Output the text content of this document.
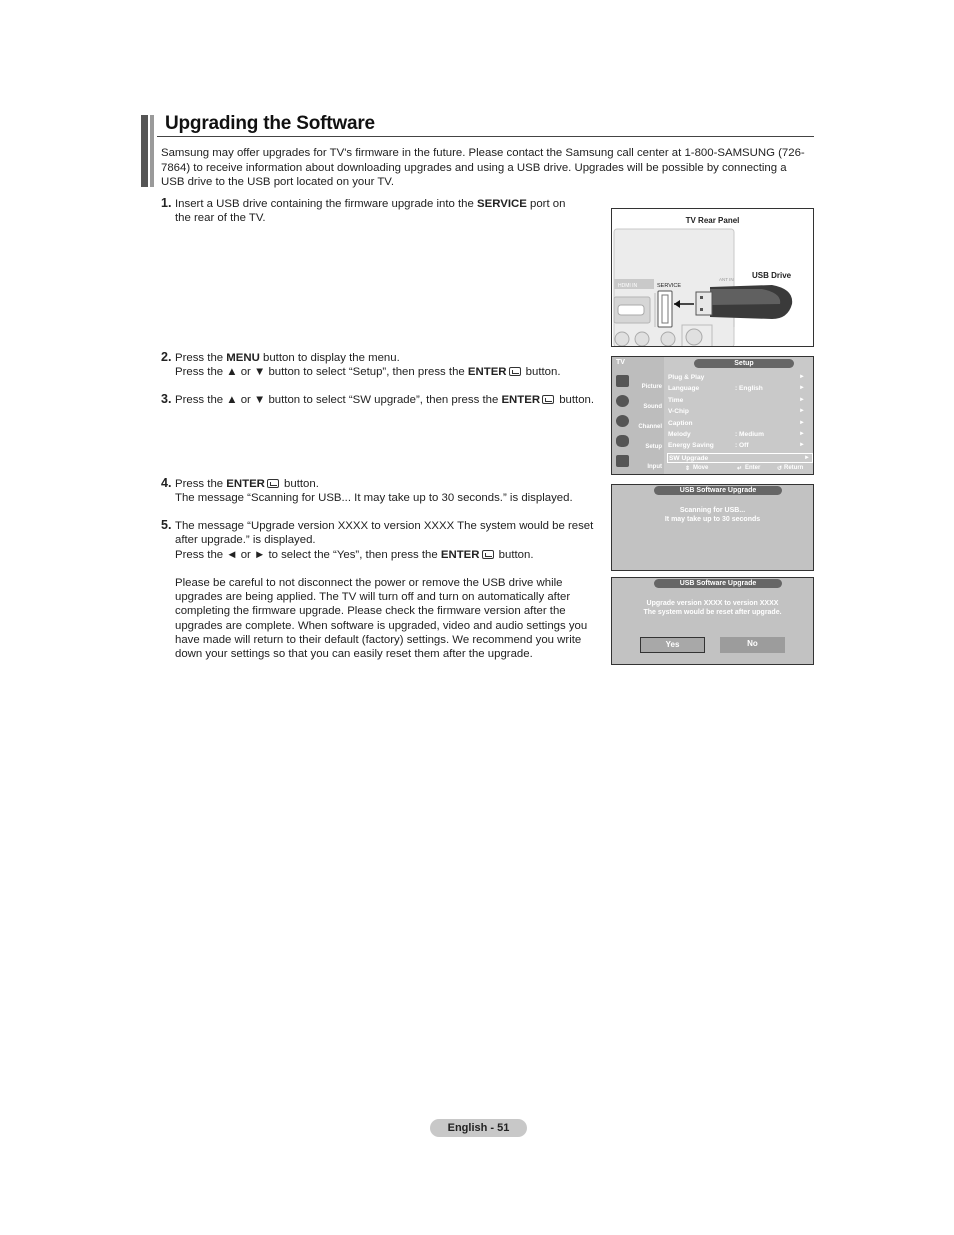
Upgrading the Software
Samsung may offer upgrades for TV's firmware in the future. Please contact the Samsung call center at 1-800-SAMSUNG (726-7864) to receive information about downloading upgrades and using a USB drive. Upgrades will be possible by connecting a USB drive to the USB port located on your TV.
1. Insert a USB drive containing the firmware upgrade into the SERVICE port on
the rear of the TV.
2. Press the MENU button to display the menu.
Press the ▲ or ▼ button to select “Setup”, then press the ENTER button.
3. Press the ▲ or ▼ button to select “SW upgrade”, then press the ENTER button.
4. Press the ENTER button.
The message “Scanning for USB... It may take up to 30 seconds.” is displayed.
5. The message “Upgrade version XXXX to version XXXX The system would be reset
after upgrade.” is displayed.
Press the ◄ or ► to select the “Yes”, then press the ENTER button.
Please be careful to not disconnect the power or remove the USB drive while
upgrades are being applied. The TV will turn off and turn on automatically after
completing the firmware upgrade. Please check the firmware version after the
upgrades are complete. When software is upgraded, video and audio settings you
have made will return to their default (factory) settings. We recommend you write
down your settings so that you can easily reset them after the upgrade.
TV Rear Panel
HDMI IN	SERVICE
ANT IN USB Drive
TV	Setup
Picture
Sound
Channel
Setup
Input
Plug & Play	►
Language	: English	►
Time	►
V-Chip	►
Caption	►
Melody	: Medium	►
Energy Saving	: Off	►
SW Upgrade	►
⇕ Move	↵ Enter	↺ Return
USB Software Upgrade
Scanning for USB...
It may take up to 30 seconds
USB Software Upgrade
Upgrade version XXXX to version XXXX
The system would be reset after upgrade.
Yes	No
English - 51
